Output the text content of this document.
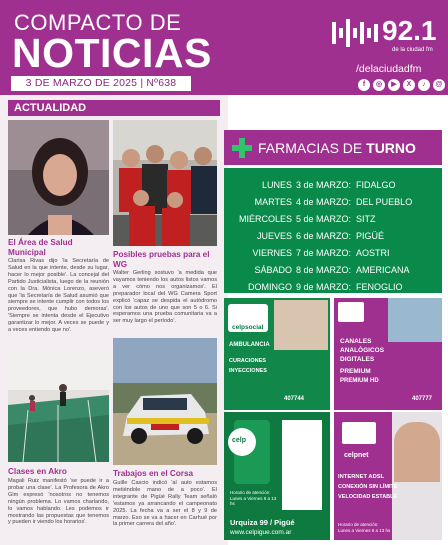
COMPACTO DE
NOTICIAS
3 DE MARZO DE 2025 | Nº638
92.1
de la ciudad fm
/delaciudadfm
f	◎	▶	X	♪	@
ACTUALIDAD
El Área de Salud Municipal
Clarisa Rivas dijo 'la Secretaría de Salud en la que intente, desde su lugar, hacer lo mejor posible'. La concejal del Partido Justicialista, luego de la reunión con la Dra. Mónica Lorenzo, aseveró que 'la Secretaría de Salud asumió que siempre se intente cumplir con todos los proveedores, que hubo demoras'. 'Siempre se intenta desde el Ejecutivo garantizar lo mejor. A veces se puede y a veces entiendo que no'.
Posibles pruebas para el WG
Walter Gerling sostuvo 'a medida que vayamos teniendo los autos listos vamos a ver cómo nos organizamos'. El preparador local del WG Camera Sport explicó 'capaz se despida el autódromo con los autos de uno que son 5 o 6. Si esperamos una prueba comunitaria va a ser muy largo el período'.
Clases en Akro
Magali Ruiz manifestó 'se puede ir a probar una clase'. La Profesora de Akro Gim expresó 'nosotros no tenemos ningún problema. Lo vamos charlando, lo vamos hablando. Les podemos ir mostrando las propuestas que tenemos y pueden ir viendo los horarios'.
Trabajos en el Corsa
Guille Cascio indicó 'al auto estamos metiéndole mano de a poco'. El integrante de Pigüé Rally Team señaló 'estamos ya arrancando el campeonato 2025. La fecha va a ser el 8 y 9 de marzo. Eso se va a hacer en Carhué por la primer carrera del año'.
FARMACIAS DE TURNO
LUNES 3 de MARZO: FIDALGO
MARTES 4 de MARZO: DEL PUEBLO
MIÉRCOLES 5 de MARZO: SITZ
JUEVES 6 de MARZO: PIGÜÉ
VIERNES 7 de MARZO: AOSTRI
SÁBADO 8 de MARZO: AMERICANA
DOMINGO 9 de MARZO: FENOGLIO
celpsocial
AMBULANCIA
CURACIONES
INYECCIONES
407744
CANALES
ANALÓGICOS
DIGITALES
PREMIUM
PREMIUM HD
407777
celp
Horario de atención: Lunes a Viernes 8 a 13 hs
Urquiza 99 / Pigüé
www.celpigue.com.ar
celpnet
INTERNET ADSL
CONEXIÓN SIN LÍMITE
VELOCIDAD ESTABLE
Horario de atención: Lunes a Viernes 8 a 13 hs
